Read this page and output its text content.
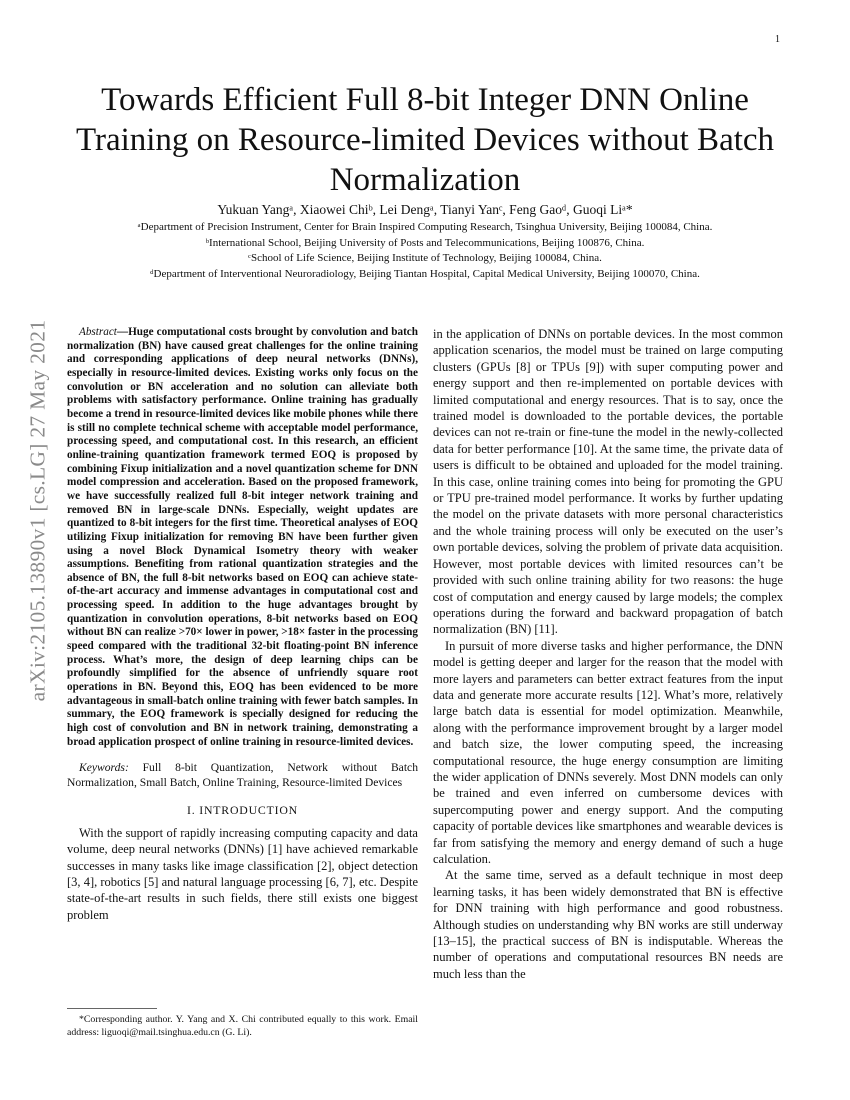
1
arXiv:2105.13890v1 [cs.LG] 27 May 2021
Towards Efficient Full 8-bit Integer DNN Online Training on Resource-limited Devices without Batch Normalization
Yukuan Yangᵃ, Xiaowei Chiᵇ, Lei Dengᵃ, Tianyi Yanᶜ, Feng Gaoᵈ, Guoqi Liᵃ*
ᵃDepartment of Precision Instrument, Center for Brain Inspired Computing Research, Tsinghua University, Beijing 100084, China.
ᵇInternational School, Beijing University of Posts and Telecommunications, Beijing 100876, China.
ᶜSchool of Life Science, Beijing Institute of Technology, Beijing 100084, China.
ᵈDepartment of Interventional Neuroradiology, Beijing Tiantan Hospital, Capital Medical University, Beijing 100070, China.

Abstract—Huge computational costs brought by convolution and batch normalization (BN) have caused great challenges for the online training and corresponding applications of deep neural networks (DNNs), especially in resource-limited devices. Existing works only focus on the convolution or BN acceleration and no solution can alleviate both problems with satisfactory performance. Online training has gradually become a trend in resource-limited devices like mobile phones while there is still no complete technical scheme with acceptable model performance, processing speed, and computational cost. In this research, an efficient online-training quantization framework termed EOQ is proposed by combining Fixup initialization and a novel quantization scheme for DNN model compression and acceleration. Based on the proposed framework, we have successfully realized full 8-bit integer network training and removed BN in large-scale DNNs. Especially, weight updates are quantized to 8-bit integers for the first time. Theoretical analyses of EOQ utilizing Fixup initialization for removing BN have been further given using a novel Block Dynamical Isometry theory with weaker assumptions. Benefiting from rational quantization strategies and the absence of BN, the full 8-bit networks based on EOQ can achieve state-of-the-art accuracy and immense advantages in computational cost and processing speed. In addition to the huge advantages brought by quantization in convolution operations, 8-bit networks based on EOQ without BN can realize >70× lower in power, >18× faster in the processing speed compared with the traditional 32-bit floating-point BN inference process. What’s more, the design of deep learning chips can be profoundly simplified for the absence of unfriendly square root operations in BN. Beyond this, EOQ has been evidenced to be more advantageous in small-batch online training with fewer batch samples. In summary, the EOQ framework is specially designed for reducing the high cost of convolution and BN in network training, demonstrating a broad application prospect of online training in resource-limited devices.

Keywords: Full 8-bit Quantization, Network without Batch Normalization, Small Batch, Online Training, Resource-limited Devices

I. INTRODUCTION

With the support of rapidly increasing computing capacity and data volume, deep neural networks (DNNs) [1] have achieved remarkable successes in many tasks like image classification [2], object detection [3, 4], robotics [5] and natural language processing [6, 7], etc. Despite state-of-the-art results in such fields, there still exists one biggest problem

*Corresponding author. Y. Yang and X. Chi contributed equally to this work. Email address: liguoqi@mail.tsinghua.edu.cn (G. Li).

in the application of DNNs on portable devices. In the most common application scenarios, the model must be trained on large computing clusters (GPUs [8] or TPUs [9]) with super computing power and energy support and then re-implemented on portable devices with limited computational and energy resources. That is to say, once the trained model is downloaded to the portable devices, the portable devices can not re-train or fine-tune the model in the newly-collected data for better performance [10]. At the same time, the private data of users is difficult to be obtained and uploaded for the model training. In this case, online training comes into being for promoting the GPU or TPU pre-trained model performance. It works by further updating the model on the private datasets with more personal characteristics and the whole training process will only be executed on the user’s own portable devices, solving the problem of private data acquisition. However, most portable devices with limited resources can’t be provided with such online training ability for two reasons: the huge cost of computation and energy caused by large models; the complex operations during the forward and backward propagation of batch normalization (BN) [11].

In pursuit of more diverse tasks and higher performance, the DNN model is getting deeper and larger for the reason that the model with more layers and parameters can better extract features from the input data and generate more accurate results [12]. What’s more, relatively large batch data is essential for model optimization. Meanwhile, along with the performance improvement brought by a larger model and batch size, the lower computing speed, the increasing computational resource, the huge energy consumption are limiting the wider application of DNNs severely. Most DNN models can only be trained and even inferred on cumbersome devices with supercomputing power and energy support. And the computing capacity of portable devices like smartphones and wearable devices is far from satisfying the memory and energy demand of such a huge calculation.

At the same time, served as a default technique in most deep learning tasks, it has been widely demonstrated that BN is effective for DNN training with high performance and good robustness. Although studies on understanding why BN works are still underway [13–15], the practical success of BN is indisputable. Whereas the number of operations and computational resources BN needs are much less than the
